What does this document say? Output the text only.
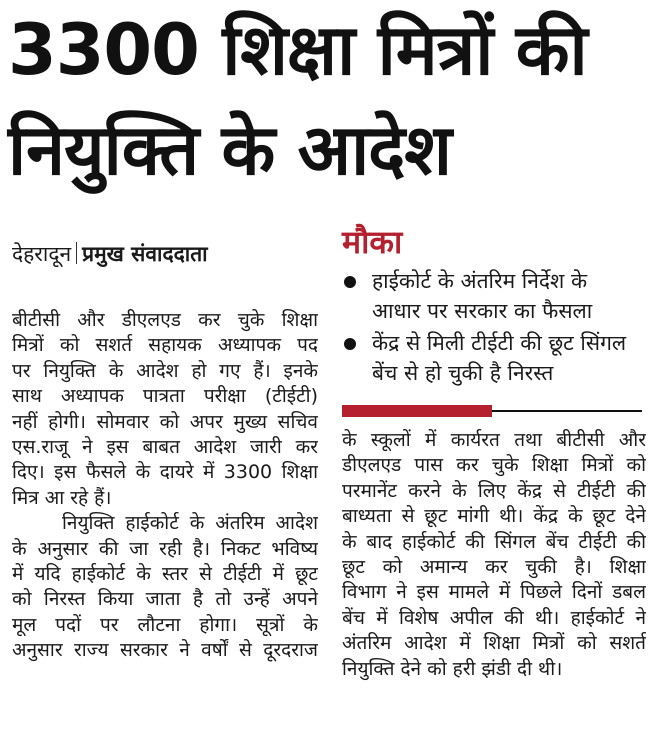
3300 शिक्षा मित्रों की
नियुक्ति के आदेश
देहरादून प्रमुख संवाददाता
बीटीसी और डीएलएड कर चुके शिक्षा
मित्रों को सशर्त सहायक अध्यापक पद
पर नियुक्ति के आदेश हो गए हैं। इनके
साथ अध्यापक पात्रता परीक्षा (टीईटी)
नहीं होगी। सोमवार को अपर मुख्य सचिव
एस.राजू ने इस बाबत आदेश जारी कर
दिए। इस फैसले के दायरे में 3300 शिक्षा
मित्र आ रहे हैं।
नियुक्ति हाईकोर्ट के अंतरिम आदेश
के अनुसार की जा रही है। निकट भविष्य
में यदि हाईकोर्ट के स्तर से टीईटी में छूट
को निरस्त किया जाता है तो उन्हें अपने
मूल पदों पर लौटना होगा। सूत्रों के
अनुसार राज्य सरकार ने वर्षों से दूरदराज
मौका
हाईकोर्ट के अंतरिम निर्देश के
आधार पर सरकार का फैसला
केंद्र से मिली टीईटी की छूट सिंगल
बेंच से हो चुकी है निरस्त
के स्कूलों में कार्यरत तथा बीटीसी और
डीएलएड पास कर चुके शिक्षा मित्रों को
परमानेंट करने के लिए केंद्र से टीईटी की
बाध्यता से छूट मांगी थी। केंद्र के छूट देने
के बाद हाईकोर्ट की सिंगल बेंच टीईटी की
छूट को अमान्य कर चुकी है। शिक्षा
विभाग ने इस मामले में पिछले दिनों डबल
बेंच में विशेष अपील की थी। हाईकोर्ट ने
अंतरिम आदेश में शिक्षा मित्रों को सशर्त
नियुक्ति देने को हरी झंडी दी थी।
